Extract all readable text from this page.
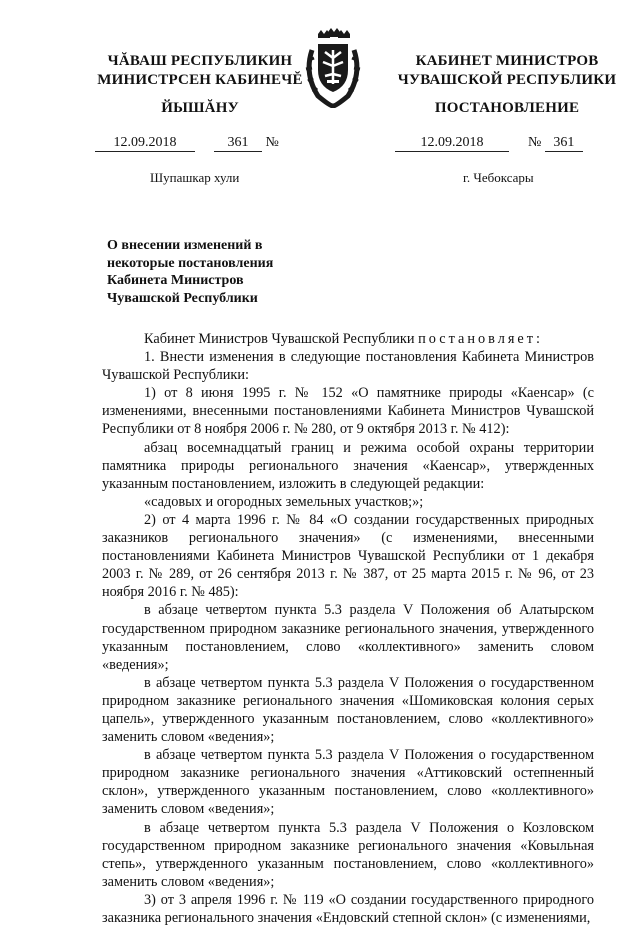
ЧĂВАШ РЕСПУБЛИКИН
МИНИСТРСЕН КАБИНЕЧĔ
ЙЫШĂНУ
КАБИНЕТ МИНИСТРОВ
ЧУВАШСКОЙ РЕСПУБЛИКИ
ПОСТАНОВЛЕНИЕ
12.09.2018	361 №	12.09.2018	№ 361
Шупашкар хули	г. Чебоксары
О внесении изменений в некоторые постановления Кабинета Министров Чувашской Республики

Кабинет Министров Чувашской Республики постановляет:

1. Внести изменения в следующие постановления Кабинета Министров Чувашской Республики:

1) от 8 июня 1995 г. № 152 «О памятнике природы «Каенсар» (с изменениями, внесенными постановлениями Кабинета Министров Чувашской Республики от 8 ноября 2006 г. № 280, от 9 октября 2013 г. № 412):

абзац восемнадцатый границ и режима особой охраны территории памятника природы регионального значения «Каенсар», утвержденных указанным постановлением, изложить в следующей редакции:

«садовых и огородных земельных участков;»;

2) от 4 марта 1996 г. № 84 «О создании государственных природных заказников регионального значения» (с изменениями, внесенными постановлениями Кабинета Министров Чувашской Республики от 1 декабря 2003 г. № 289, от 26 сентября 2013 г. № 387, от 25 марта 2015 г. № 96, от 23 ноября 2016 г. № 485):

в абзаце четвертом пункта 5.3 раздела V Положения об Алатырском государственном природном заказнике регионального значения, утвержденного указанным постановлением, слово «коллективного» заменить словом «ведения»;

в абзаце четвертом пункта 5.3 раздела V Положения о государственном природном заказнике регионального значения «Шомиковская колония серых цапель», утвержденного указанным постановлением, слово «коллективного» заменить словом «ведения»;

в абзаце четвертом пункта 5.3 раздела V Положения о государственном природном заказнике регионального значения «Аттиковский остепненный склон», утвержденного указанным постановлением, слово «коллективного» заменить словом «ведения»;

в абзаце четвертом пункта 5.3 раздела V Положения о Козловском государственном природном заказнике регионального значения «Ковыльная степь», утвержденного указанным постановлением, слово «коллективного» заменить словом «ведения»;

3) от 3 апреля 1996 г. № 119 «О создании государственного природного заказника регионального значения «Ендовский степной склон» (с изменениями,
